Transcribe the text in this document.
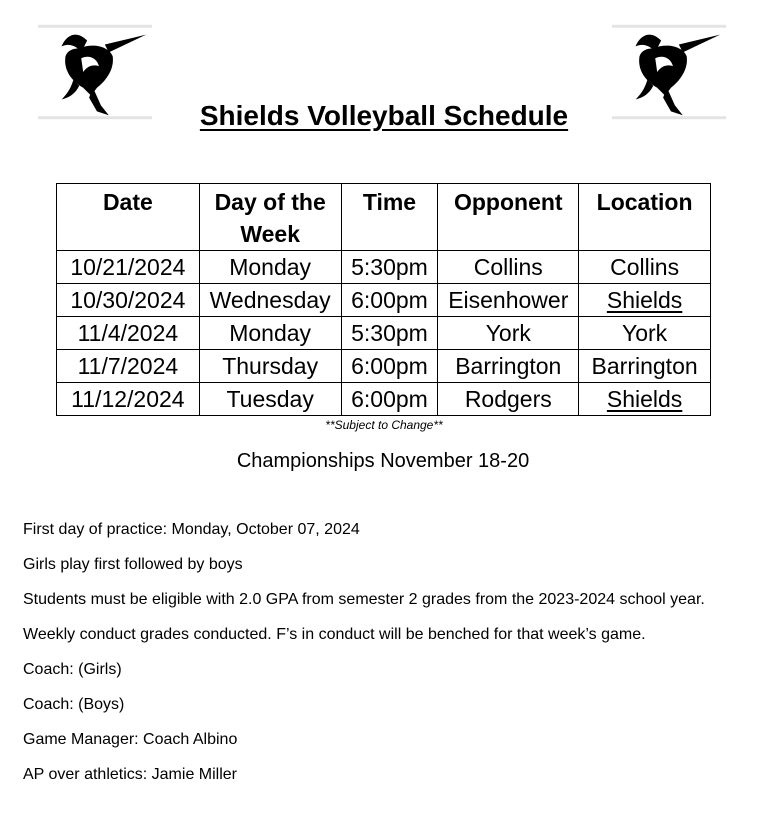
Shields Volleyball Schedule
Date	Day of the Week	Time	Opponent	Location
10/21/2024	Monday	5:30pm	Collins	Collins
10/30/2024	Wednesday	6:00pm	Eisenhower	Shields
11/4/2024	Monday	5:30pm	York	York
11/7/2024	Thursday	6:00pm	Barrington	Barrington
11/12/2024	Tuesday	6:00pm	Rodgers	Shields
**Subject to Change**
Championships November 18-20

First day of practice: Monday, October 07, 2024

Girls play first followed by boys

Students must be eligible with 2.0 GPA from semester 2 grades from the 2023-2024 school year.

Weekly conduct grades conducted. F’s in conduct will be benched for that week’s game.

Coach: (Girls)

Coach: (Boys)

Game Manager: Coach Albino

AP over athletics: Jamie Miller
